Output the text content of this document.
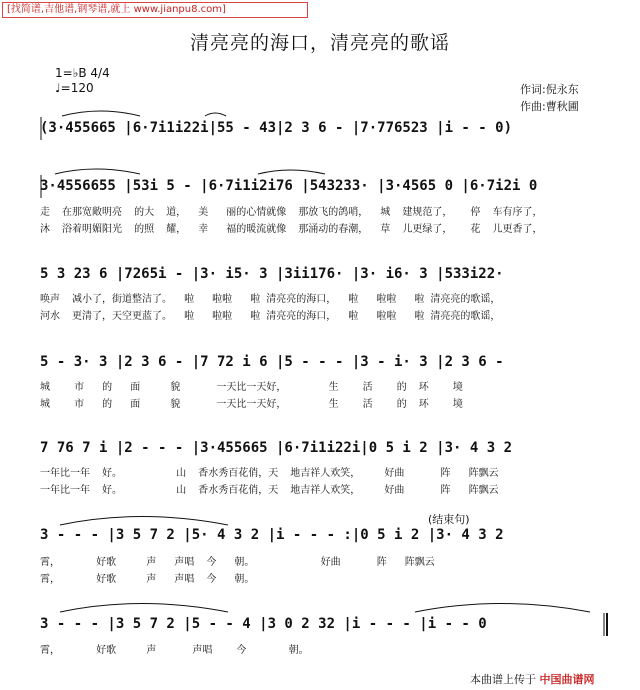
[找简谱,吉他谱,钢琴谱,就上 www.jianpu8.com]
清亮亮的海口，清亮亮的歌谣
1=♭B 4/4
♩=120	作词:倪永东
作曲:曹秋圃
(3·455665 |6·7i1i22i|55 - 43|2 3 6 - |7·776523 |i - - 0)
3·4556655 |53i 5 - |6·7i1i2i76 |543233· |3·4565 0 |6·7i2i 0
走  在那宽敞明亮  的大  道，  美   丽的心情就像  那放飞的鸽哨，  城  建规范了，   停  车有序了，
沐  浴着明媚阳光  的照  耀，  幸   福的暖流就像  那涌动的春潮，  草  儿更绿了，   花  儿更香了，
5 3 23 6 |7265i - |3· i5· 3 |3ii176· |3· i6· 3 |533i22·
唤声  减小了，街道整洁了。  啦   啦啦   啦 清亮亮的海口，  啦   啦啦   啦 清亮亮的歌谣，
河水  更清了，天空更蓝了。  啦   啦啦   啦 清亮亮的海口，  啦   啦啦   啦 清亮亮的歌谣，
5 - 3· 3 |2 3 6 - |7 72 i 6 |5 - - - |3 - i· 3 |2 3 6 -
城    市   的   面     貌      一天比一天好，       生    活    的  环    境
城    市   的   面     貌      一天比一天好，       生    活    的  环    境
7 76 7 i |2 - - - |3·455665 |6·7i1i22i|0 5 i 2 |3· 4 3 2
一年比一年  好。         山  香水秀百花俏，天  地吉祥人欢笑，    好曲      阵   阵飘云
一年比一年  好。         山  香水秀百花俏，天  地吉祥人欢笑，    好曲      阵   阵飘云
(结束句)
3 - - - |3 5 7 2 |5· 4 3 2 |i - - - :|0 5 i 2 |3· 4 3 2
霄，      好歌     声   声唱  今   朝。           好曲      阵   阵飘云
霄，      好歌     声   声唱  今   朝。
3 - - - |3 5 7 2 |5 - - 4 |3 0 2 32 |i - - - |i - - 0
霄，      好歌     声      声唱    今       朝。
本曲谱上传于 中国曲谱网
